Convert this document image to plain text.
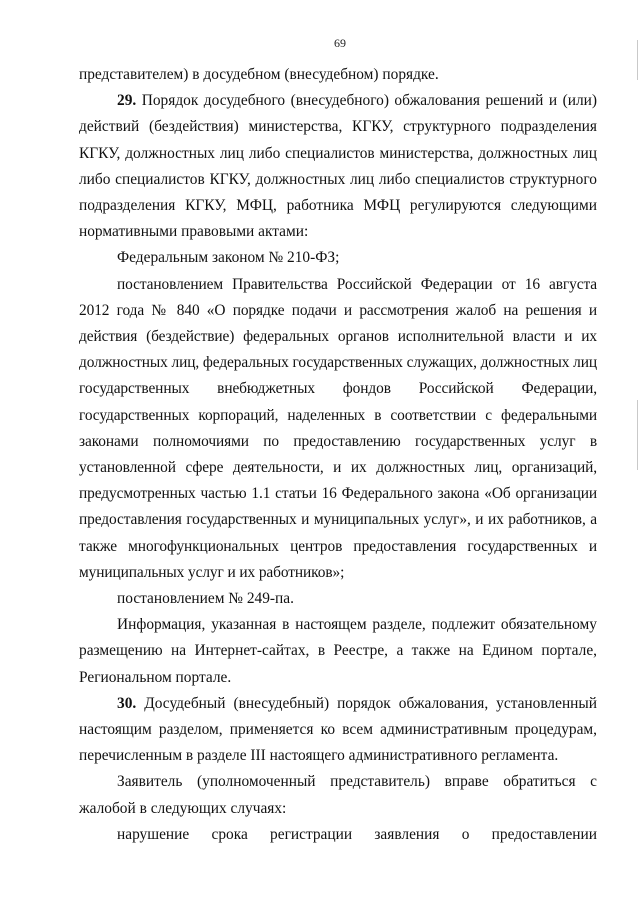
69

представителем) в досудебном (внесудебном) порядке.

29. Порядок досудебного (внесудебного) обжалования решений и (или) действий (бездействия) министерства, КГКУ, структурного подразделения КГКУ, должностных лиц либо специалистов министерства, должностных лиц либо специалистов КГКУ, должностных лиц либо специалистов структурного подразделения КГКУ, МФЦ, работника МФЦ регулируются следующими нормативными правовыми актами:

Федеральным законом № 210-ФЗ;

постановлением Правительства Российской Федерации от 16 августа 2012 года № 840 «О порядке подачи и рассмотрения жалоб на решения и действия (бездействие) федеральных органов исполнительной власти и их должностных лиц, федеральных государственных служащих, должностных лиц государственных внебюджетных фондов Российской Федерации, государственных корпораций, наделенных в соответствии с федеральными законами полномочиями по предоставлению государственных услуг в установленной сфере деятельности, и их должностных лиц, организаций, предусмотренных частью 1.1 статьи 16 Федерального закона «Об организации предоставления государственных и муниципальных услуг», и их работников, а также многофункциональных центров предоставления государственных и муниципальных услуг и их работников»;

постановлением № 249-па.

Информация, указанная в настоящем разделе, подлежит обязательному размещению на Интернет-сайтах, в Реестре, а также на Едином портале, Региональном портале.

30. Досудебный (внесудебный) порядок обжалования, установленный настоящим разделом, применяется ко всем административным процедурам, перечисленным в разделе III настоящего административного регламента.

Заявитель (уполномоченный представитель) вправе обратиться с жалобой в следующих случаях:

нарушение срока регистрации заявления о предоставлении
